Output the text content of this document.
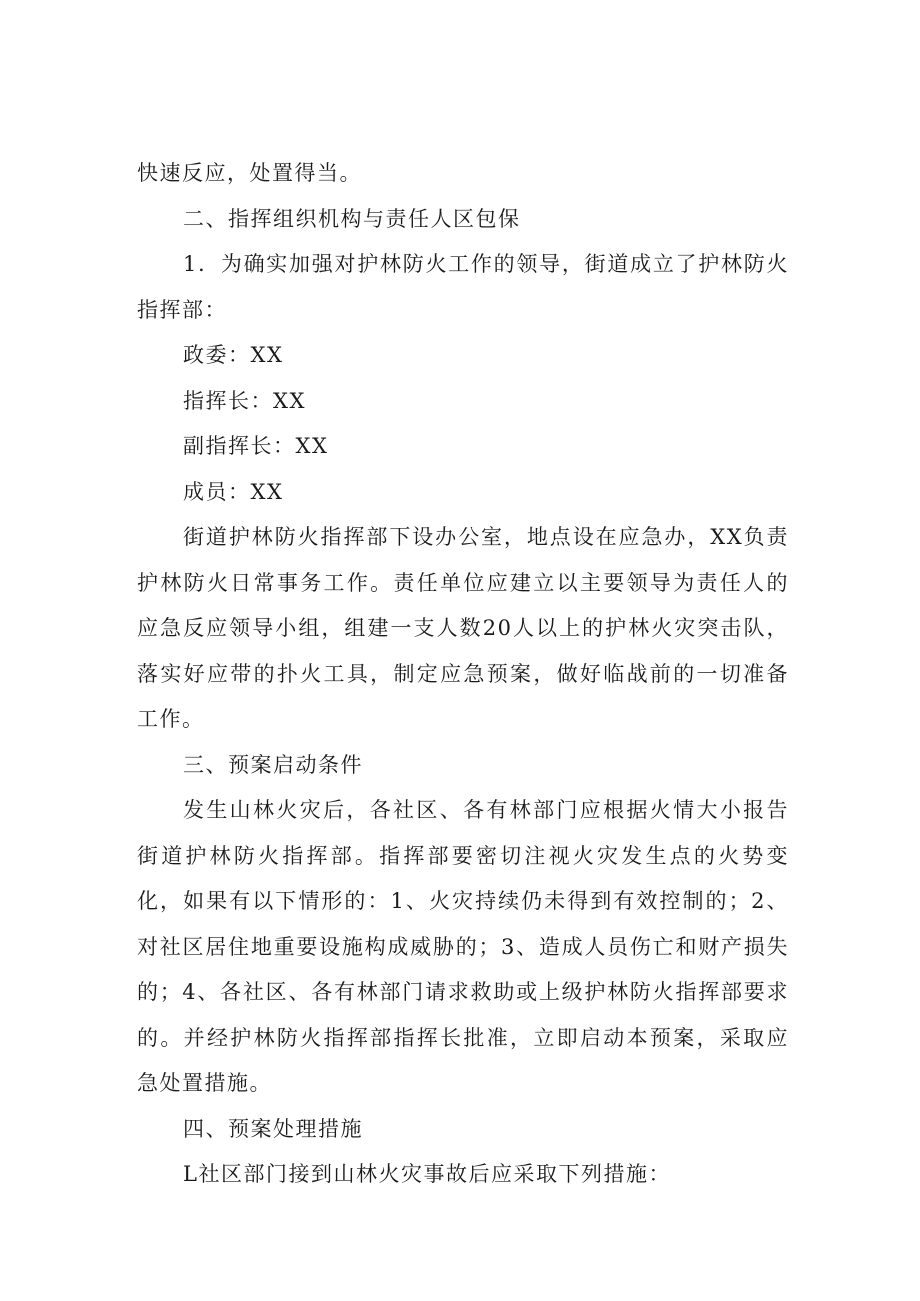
快速反应，处置得当。

二、指挥组织机构与责任人区包保

1．为确实加强对护林防火工作的领导，街道成立了护林防火指挥部：

政委：XX

指挥长：XX

副指挥长：XX

成员：XX

街道护林防火指挥部下设办公室，地点设在应急办，XX负责护林防火日常事务工作。责任单位应建立以主要领导为责任人的应急反应领导小组，组建一支人数20人以上的护林火灾突击队，落实好应带的扑火工具，制定应急预案，做好临战前的一切准备工作。

三、预案启动条件

发生山林火灾后，各社区、各有林部门应根据火情大小报告街道护林防火指挥部。指挥部要密切注视火灾发生点的火势变化，如果有以下情形的：1、火灾持续仍未得到有效控制的；2、对社区居住地重要设施构成威胁的；3、造成人员伤亡和财产损失的；4、各社区、各有林部门请求救助或上级护林防火指挥部要求的。并经护林防火指挥部指挥长批准，立即启动本预案，采取应急处置措施。

四、预案处理措施

L社区部门接到山林火灾事故后应采取下列措施：
